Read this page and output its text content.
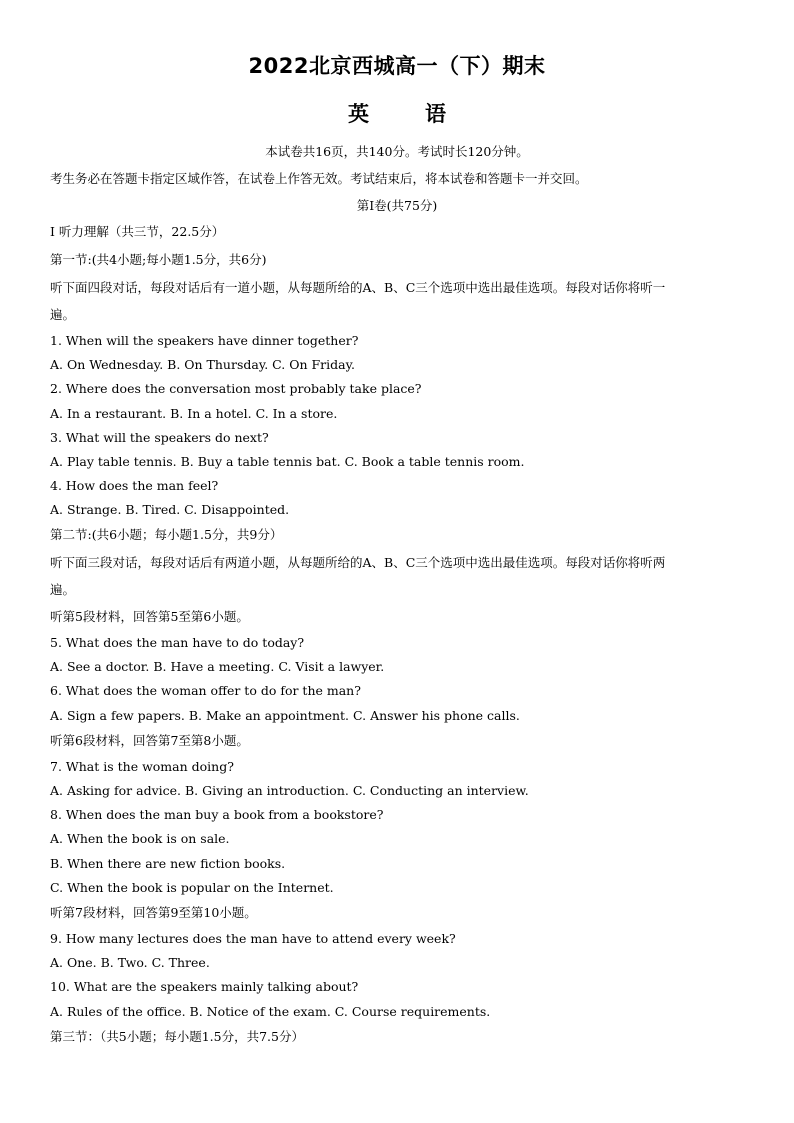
2022北京西城高一（下）期末
英	语
本试卷共16页，共140分。考试时长120分钟。
考生务必在答题卡指定区域作答，在试卷上作答无效。考试结束后，将本试卷和答题卡一并交回。
第I卷(共75分)
I 听力理解（共三节，22.5分）
第一节:(共4小题;每小题1.5分，共6分)
听下面四段对话，每段对话后有一道小题，从每题所给的A、B、C三个选项中选出最佳选项。每段对话你将听一
遍。
1. When will the speakers have dinner together?
A. On Wednesday. B. On Thursday. C. On Friday.
2. Where does the conversation most probably take place?
A. In a restaurant. B. In a hotel. C. In a store.
3. What will the speakers do next?
A. Play table tennis. B. Buy a table tennis bat. C. Book a table tennis room.
4. How does the man feel?
A. Strange. B. Tired. C. Disappointed.
第二节:(共6小题；每小题1.5分，共9分）
听下面三段对话，每段对话后有两道小题，从每题所给的A、B、C三个选项中选出最佳选项。每段对话你将听两
遍。
听第5段材料，回答第5至第6小题。
5. What does the man have to do today?
A. See a doctor. B. Have a meeting. C. Visit a lawyer.
6. What does the woman offer to do for the man?
A. Sign a few papers. B. Make an appointment. C. Answer his phone calls.
听第6段材料，回答第7至第8小题。
7. What is the woman doing?
A. Asking for advice. B. Giving an introduction. C. Conducting an interview.
8. When does the man buy a book from a bookstore?
A. When the book is on sale.
B. When there are new fiction books.
C. When the book is popular on the Internet.
听第7段材料，回答第9至第10小题。
9. How many lectures does the man have to attend every week?
A. One. B. Two. C. Three.
10. What are the speakers mainly talking about?
A. Rules of the office. B. Notice of the exam. C. Course requirements.
第三节：（共5小题；每小题1.5分，共7.5分）
